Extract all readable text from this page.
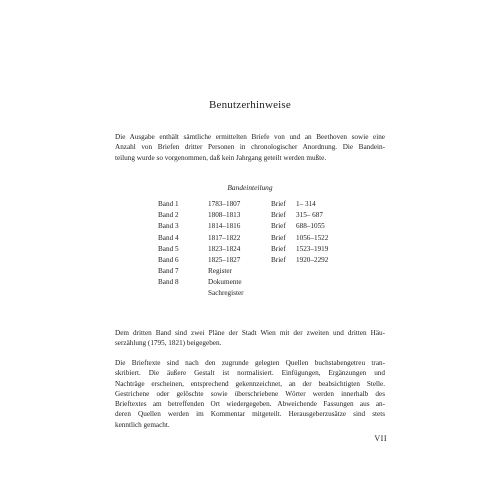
Benutzerhinweise
Die Ausgabe enthält sämtliche ermittelten Briefe von und an Beethoven sowie eine
Anzahl von Briefen dritter Personen in chronologischer Anordnung. Die Bandein-
teilung wurde so vorgenommen, daß kein Jahrgang geteilt werden mußte.
Bandeinteilung
Band 1	1783–1807	Brief 1– 314
Band 2	1808–1813	Brief 315– 687
Band 3	1814–1816	Brief 688–1055
Band 4	1817–1822	Brief 1056–1522
Band 5	1823–1824	Brief 1523–1919
Band 6	1825–1827	Brief 1920–2292
Band 7	Register
Band 8	Dokumente
Sachregister
Dem dritten Band sind zwei Pläne der Stadt Wien mit der zweiten und dritten Häu-
serzählung (1795, 1821) beigegeben.
Die Brieftexte sind nach den zugrunde gelegten Quellen buchstabengetreu tran-
skribiert. Die äußere Gestalt ist normalisiert. Einfügungen, Ergänzungen und
Nachträge erscheinen, entsprechend gekennzeichnet, an der beabsichtigten Stelle.
Gestrichene oder gelöschte sowie überschriebene Wörter werden innerhalb des
Brieftextes am betreffenden Ort wiedergegeben. Abweichende Fassungen aus an-
deren Quellen werden im Kommentar mitgeteilt. Herausgeberzusätze sind stets
kenntlich gemacht.
VII
